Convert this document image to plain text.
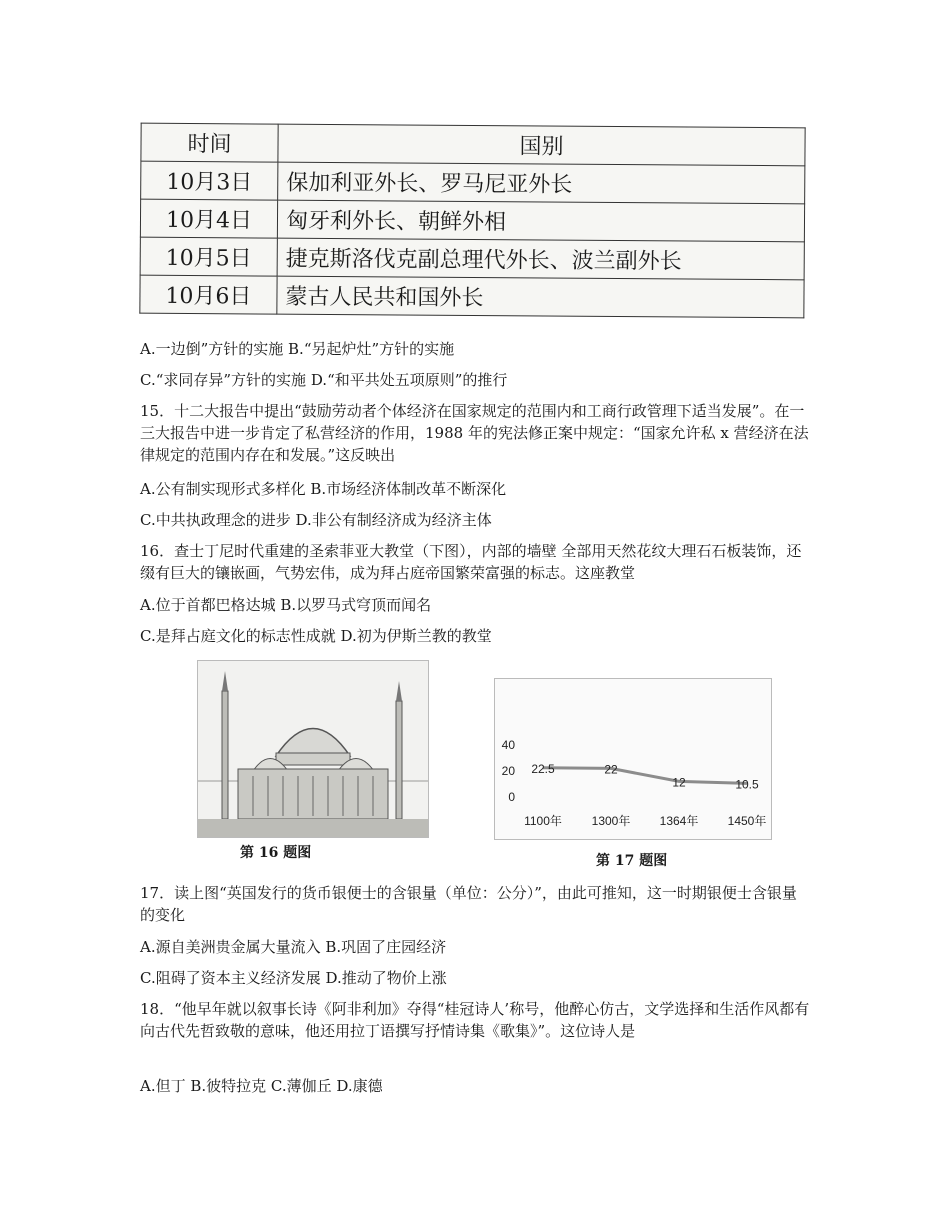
时间	国别
10月3日	保加利亚外长、罗马尼亚外长
10月4日	匈牙利外长、朝鲜外相
10月5日	捷克斯洛伐克副总理代外长、波兰副外长
10月6日	蒙古人民共和国外长
A.一边倒”方针的实施 B.“另起炉灶”方针的实施
C.“求同存异”方针的实施 D.“和平共处五项原则”的推行
15．十二大报告中提出“鼓励劳动者个体经济在国家规定的范围内和工商行政管理下适当发展”。在一三大报告中进一步肯定了私营经济的作用，1988 年的宪法修正案中规定：“国家允许私 x 营经济在法律规定的范围内存在和发展。”这反映出
A.公有制实现形式多样化 B.市场经济体制改革不断深化
C.中共执政理念的进步 D.非公有制经济成为经济主体
16．查士丁尼时代重建的圣索菲亚大教堂（下图），内部的墙壁 全部用天然花纹大理石石板装饰，还缀有巨大的镶嵌画，气势宏伟，成为拜占庭帝国繁荣富强的标志。这座教堂
A.位于首都巴格达城 B.以罗马式穹顶而闻名
C.是拜占庭文化的标志性成就 D.初为伊斯兰教的教堂
第 16 题图
40
20
0
22.5
1100年
22
1300年
12
1364年
10.5
1450年
第 17 题图
17．读上图“英国发行的货币银便士的含银量（单位：公分）”，由此可推知，这一时期银便士含银量的变化
A.源自美洲贵金属大量流入 B.巩固了庄园经济
C.阻碍了资本主义经济发展 D.推动了物价上涨
18．“他早年就以叙事长诗《阿非利加》夺得“桂冠诗人’称号，他醉心仿古，文学选择和生活作风都有向古代先哲致敬的意味，他还用拉丁语撰写抒情诗集《歌集》”。这位诗人是
A.但丁 B.彼特拉克 C.薄伽丘 D.康德
